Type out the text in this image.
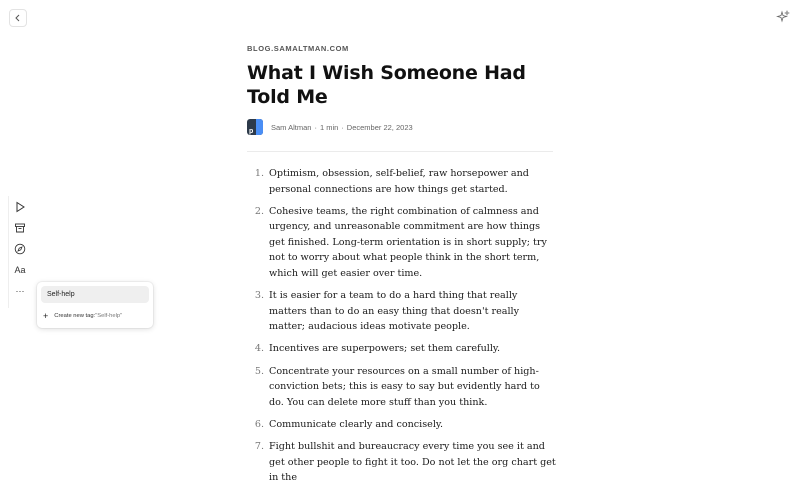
BLOG.SAMALTMAN.COM
What I Wish Someone Had Told Me
p Sam Altman · 1 min · December 22, 2023
1. Optimism, obsession, self-belief, raw horsepower and personal connections are how things get started.
2. Cohesive teams, the right combination of calmness and urgency, and unreasonable commitment are how things get finished. Long-term orientation is in short supply; try not to worry about what people think in the short term, which will get easier over time.
3. It is easier for a team to do a hard thing that really matters than to do an easy thing that doesn't really matter; audacious ideas motivate people.
4. Incentives are superpowers; set them carefully.
5. Concentrate your resources on a small number of high-conviction bets; this is easy to say but evidently hard to do. You can delete more stuff than you think.
6. Communicate clearly and concisely.
7. Fight bullshit and bureaucracy every time you see it and get other people to fight it too. Do not let the org chart get in the
Aa
···	Self-help
+ Create new tag: "Self-help"
